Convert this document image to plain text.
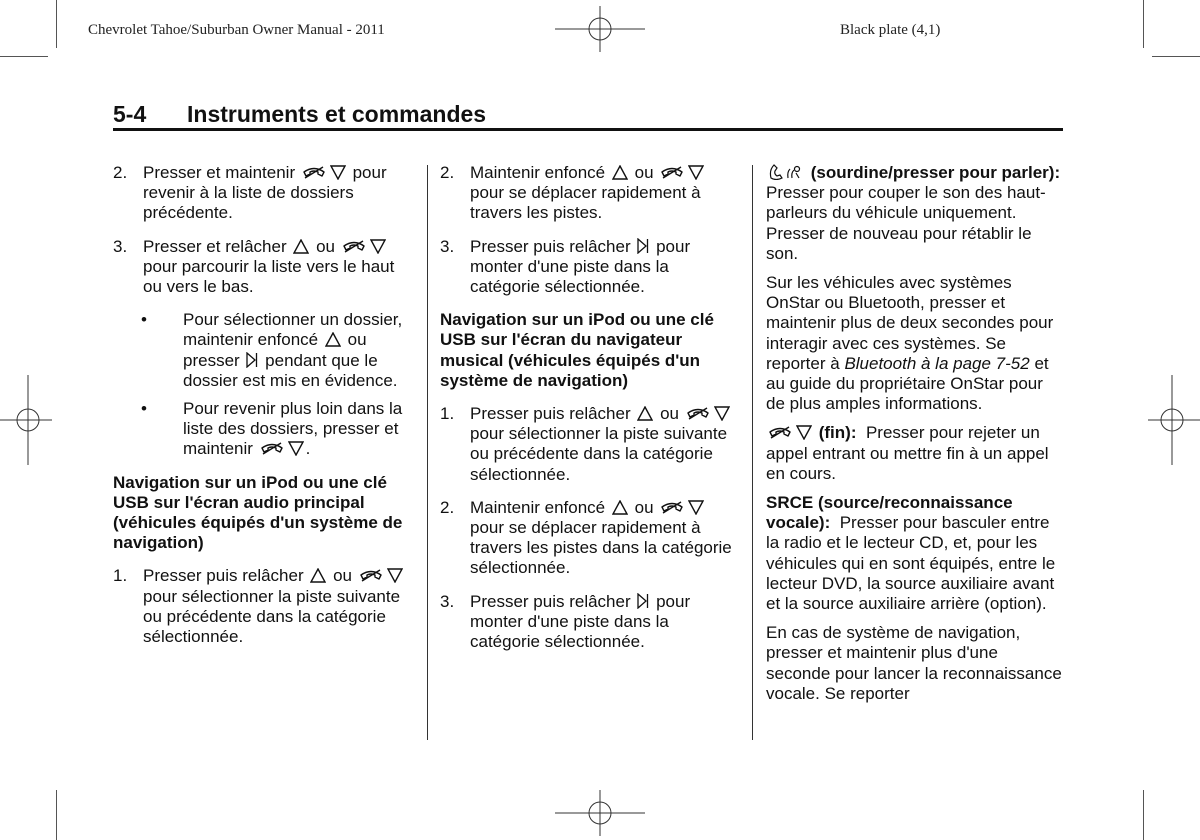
Chevrolet Tahoe/Suburban Owner Manual - 2011	Black plate (4,1)
5-4 Instruments et commandes
2. Presser et maintenir	pour revenir à la liste de dossiers précédente.
3. Presser et relâcher ou
pour parcourir la liste vers le haut ou vers le bas.
• Pour sélectionner un dossier, maintenir enfoncé ou presser pendant que le dossier est mis en évidence.
• Pour revenir plus loin dans la liste des dossiers, presser et maintenir	.
Navigation sur un iPod ou une clé USB sur l'écran audio principal (véhicules équipés d'un système de navigation)
1. Presser puis relâcher ou
pour sélectionner la piste suivante ou précédente dans la catégorie sélectionnée.
2. Maintenir enfoncé ou
pour se déplacer rapidement à travers les pistes.
3. Presser puis relâcher pour monter d'une piste dans la catégorie sélectionnée.
Navigation sur un iPod ou une clé USB sur l'écran du navigateur musical (véhicules équipés d'un système de navigation)
1. Presser puis relâcher ou
pour sélectionner la piste suivante ou précédente dans la catégorie sélectionnée.
2. Maintenir enfoncé ou
pour se déplacer rapidement à travers les pistes dans la catégorie sélectionnée.
3. Presser puis relâcher pour monter d'une piste dans la catégorie sélectionnée.
(sourdine/presser pour parler):  Presser pour couper le son des haut-parleurs du véhicule uniquement. Presser de nouveau pour rétablir le son.
Sur les véhicules avec systèmes OnStar ou Bluetooth, presser et maintenir plus de deux secondes pour interagir avec ces systèmes. Se reporter à Bluetooth à la page 7-52 et au guide du propriétaire OnStar pour de plus amples informations.
(fin): Presser pour rejeter un appel entrant ou mettre fin à un appel en cours.
SRCE (source/reconnaissance vocale): Presser pour basculer entre la radio et le lecteur CD, et, pour les véhicules qui en sont équipés, entre le lecteur DVD, la source auxiliaire avant et la source auxiliaire arrière (option).
En cas de système de navigation, presser et maintenir plus d'une seconde pour lancer la reconnaissance vocale. Se reporter
